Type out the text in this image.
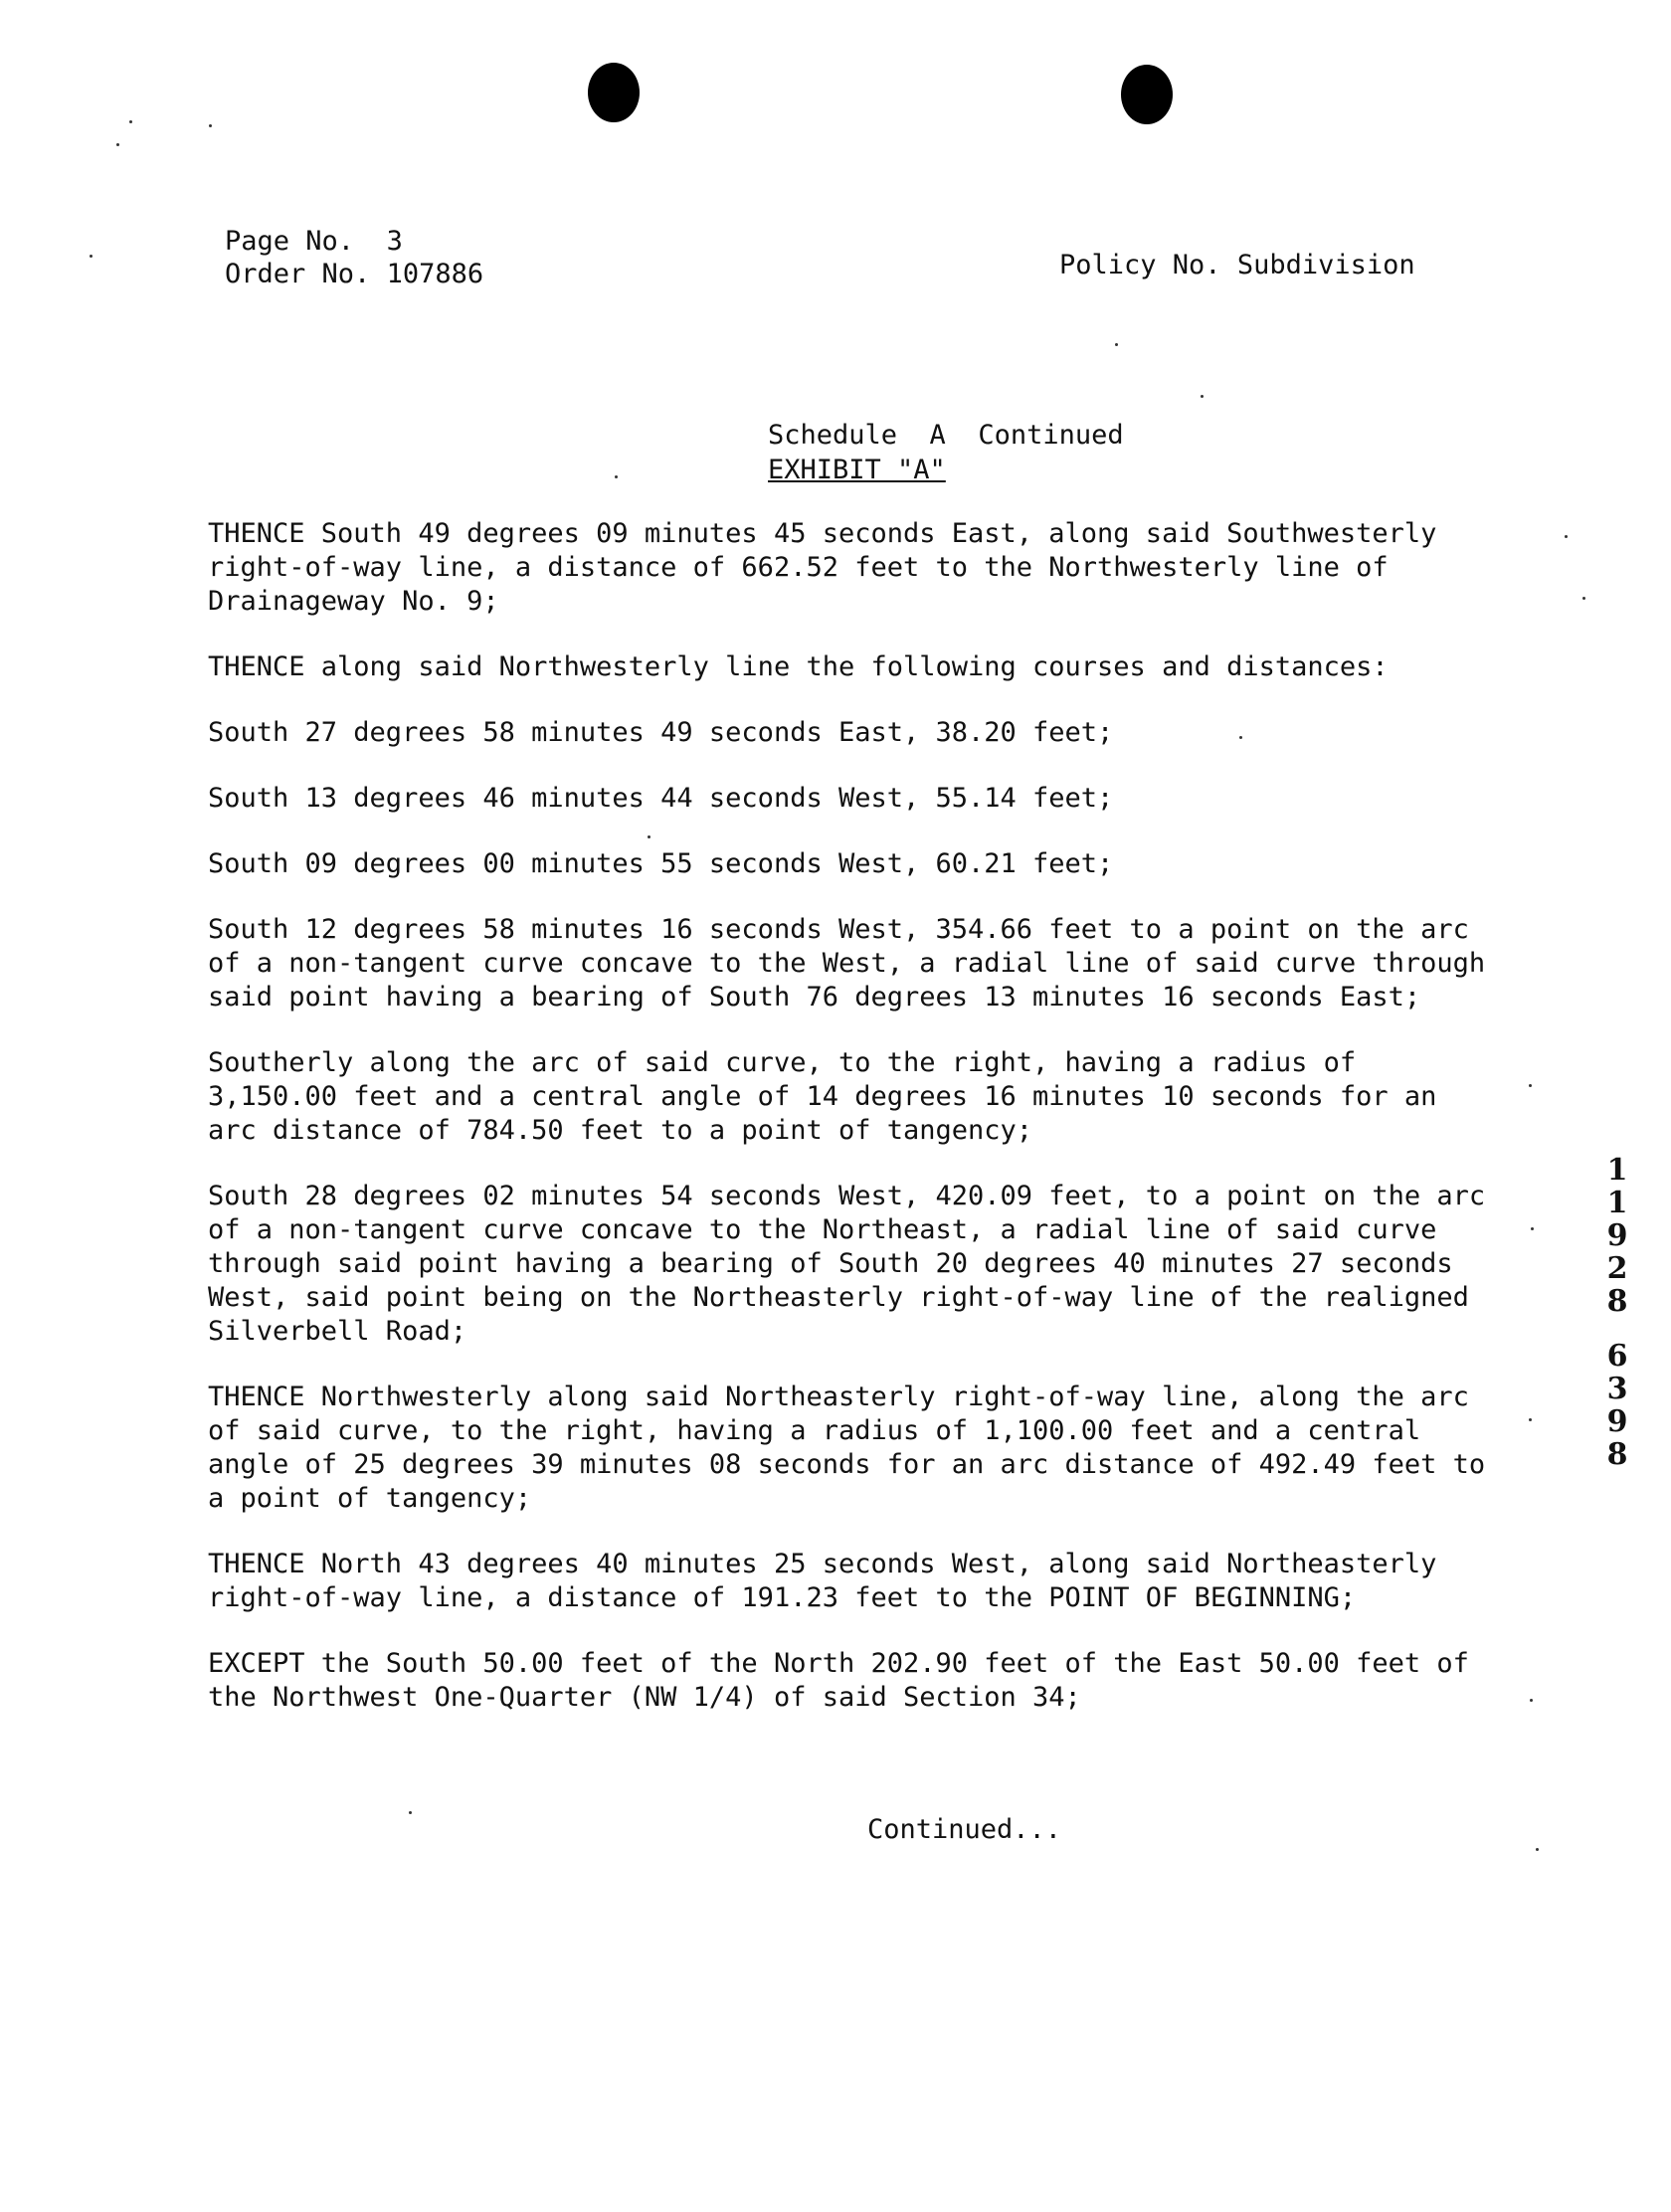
Page No. 3
Order No. 107886	Policy No. Subdivision
Schedule  A  Continued
EXHIBIT "A"

THENCE South 49 degrees 09 minutes 45 seconds East, along said Southwesterly right-of-way line, a distance of 662.52 feet to the Northwesterly line of Drainageway No. 9;

THENCE along said Northwesterly line the following courses and distances:

South 27 degrees 58 minutes 49 seconds East, 38.20 feet;

South 13 degrees 46 minutes 44 seconds West, 55.14 feet;

South 09 degrees 00 minutes 55 seconds West, 60.21 feet;

South 12 degrees 58 minutes 16 seconds West, 354.66 feet to a point on the arc of a non-tangent curve concave to the West, a radial line of said curve through said point having a bearing of South 76 degrees 13 minutes 16 seconds East;

Southerly along the arc of said curve, to the right, having a radius of 3,150.00 feet and a central angle of 14 degrees 16 minutes 10 seconds for an arc distance of 784.50 feet to a point of tangency;

South 28 degrees 02 minutes 54 seconds West, 420.09 feet, to a point on the arc of a non-tangent curve concave to the Northeast, a radial line of said curve through said point having a bearing of South 20 degrees 40 minutes 27 seconds West, said point being on the Northeasterly right-of-way line of the realigned Silverbell Road;

THENCE Northwesterly along said Northeasterly right-of-way line, along the arc of said curve, to the right, having a radius of 1,100.00 feet and a central angle of 25 degrees 39 minutes 08 seconds for an arc distance of 492.49 feet to a point of tangency;

THENCE North 43 degrees 40 minutes 25 seconds West, along said Northeasterly right-of-way line, a distance of 191.23 feet to the POINT OF BEGINNING;

EXCEPT the South 50.00 feet of the North 202.90 feet of the East 50.00 feet of the Northwest One-Quarter (NW 1/4) of said Section 34;

Continued...
1
1
9
2
8
6
3
9
8
